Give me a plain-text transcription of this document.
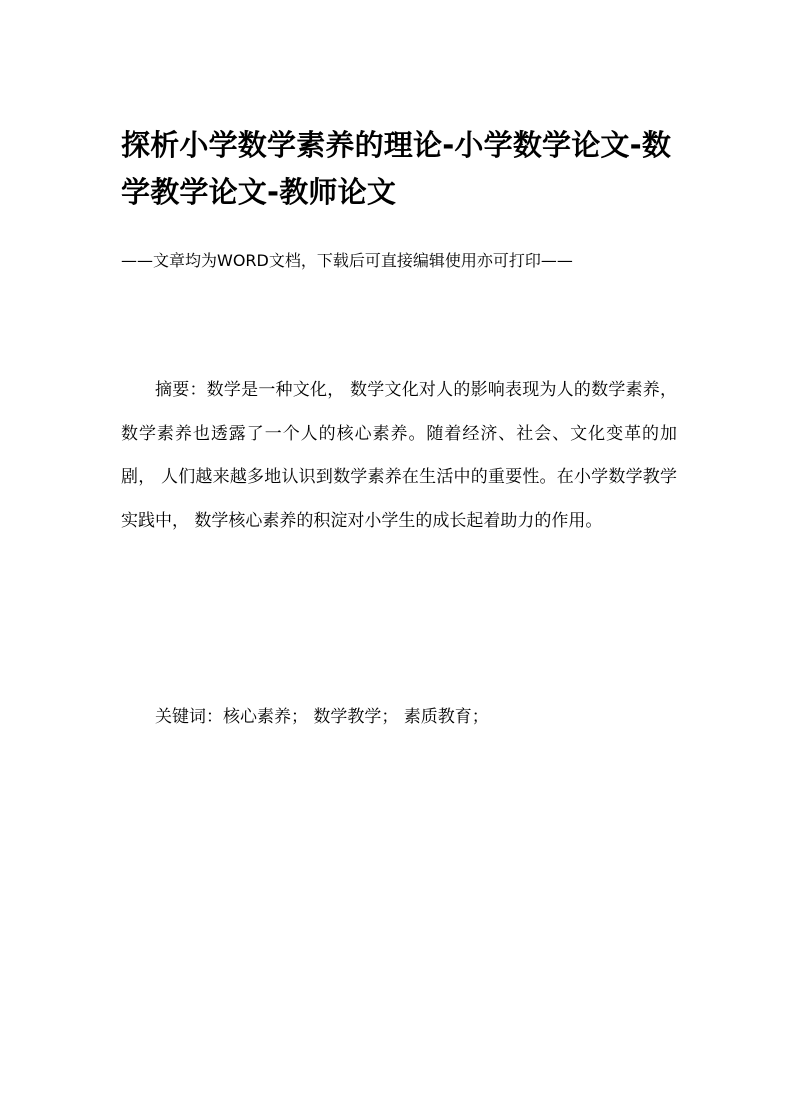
探析小学数学素养的理论-小学数学论文-数学教学论文-教师论文

——文章均为WORD文档，下载后可直接编辑使用亦可打印——

摘要：数学是一种文化， 数学文化对人的影响表现为人的数学素养， 数学素养也透露了一个人的核心素养。随着经济、社会、文化变革的加剧， 人们越来越多地认识到数学素养在生活中的重要性。在小学数学教学实践中， 数学核心素养的积淀对小学生的成长起着助力的作用。

关键词：核心素养； 数学教学； 素质教育；
